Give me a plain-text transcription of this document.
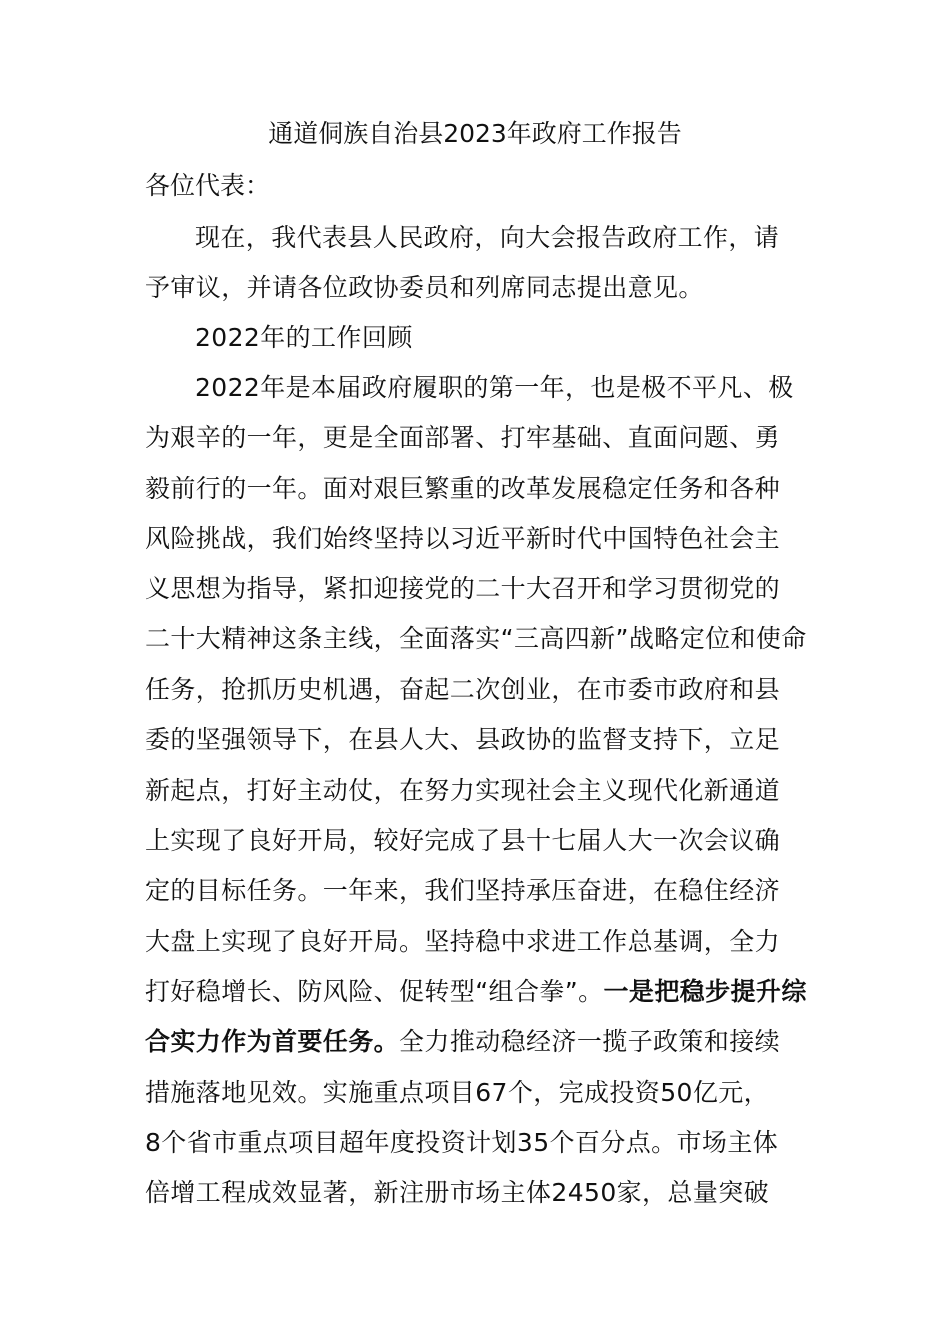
通道侗族自治县2023年政府工作报告
各位代表：
现在，我代表县人民政府，向大会报告政府工作，请
予审议，并请各位政协委员和列席同志提出意见。
2022年的工作回顾
2022年是本届政府履职的第一年，也是极不平凡、极
为艰辛的一年，更是全面部署、打牢基础、直面问题、勇
毅前行的一年。面对艰巨繁重的改革发展稳定任务和各种
风险挑战，我们始终坚持以习近平新时代中国特色社会主
义思想为指导，紧扣迎接党的二十大召开和学习贯彻党的
二十大精神这条主线，全面落实“三高四新”战略定位和使命
任务，抢抓历史机遇，奋起二次创业，在市委市政府和县
委的坚强领导下，在县人大、县政协的监督支持下，立足
新起点，打好主动仗，在努力实现社会主义现代化新通道
上实现了良好开局，较好完成了县十七届人大一次会议确
定的目标任务。一年来，我们坚持承压奋进，在稳住经济
大盘上实现了良好开局。坚持稳中求进工作总基调，全力
打好稳增长、防风险、促转型“组合拳”。一是把稳步提升综
合实力作为首要任务。全力推动稳经济一揽子政策和接续
措施落地见效。实施重点项目67个，完成投资50亿元，
8个省市重点项目超年度投资计划35个百分点。市场主体
倍增工程成效显著，新注册市场主体2450家，总量突破
